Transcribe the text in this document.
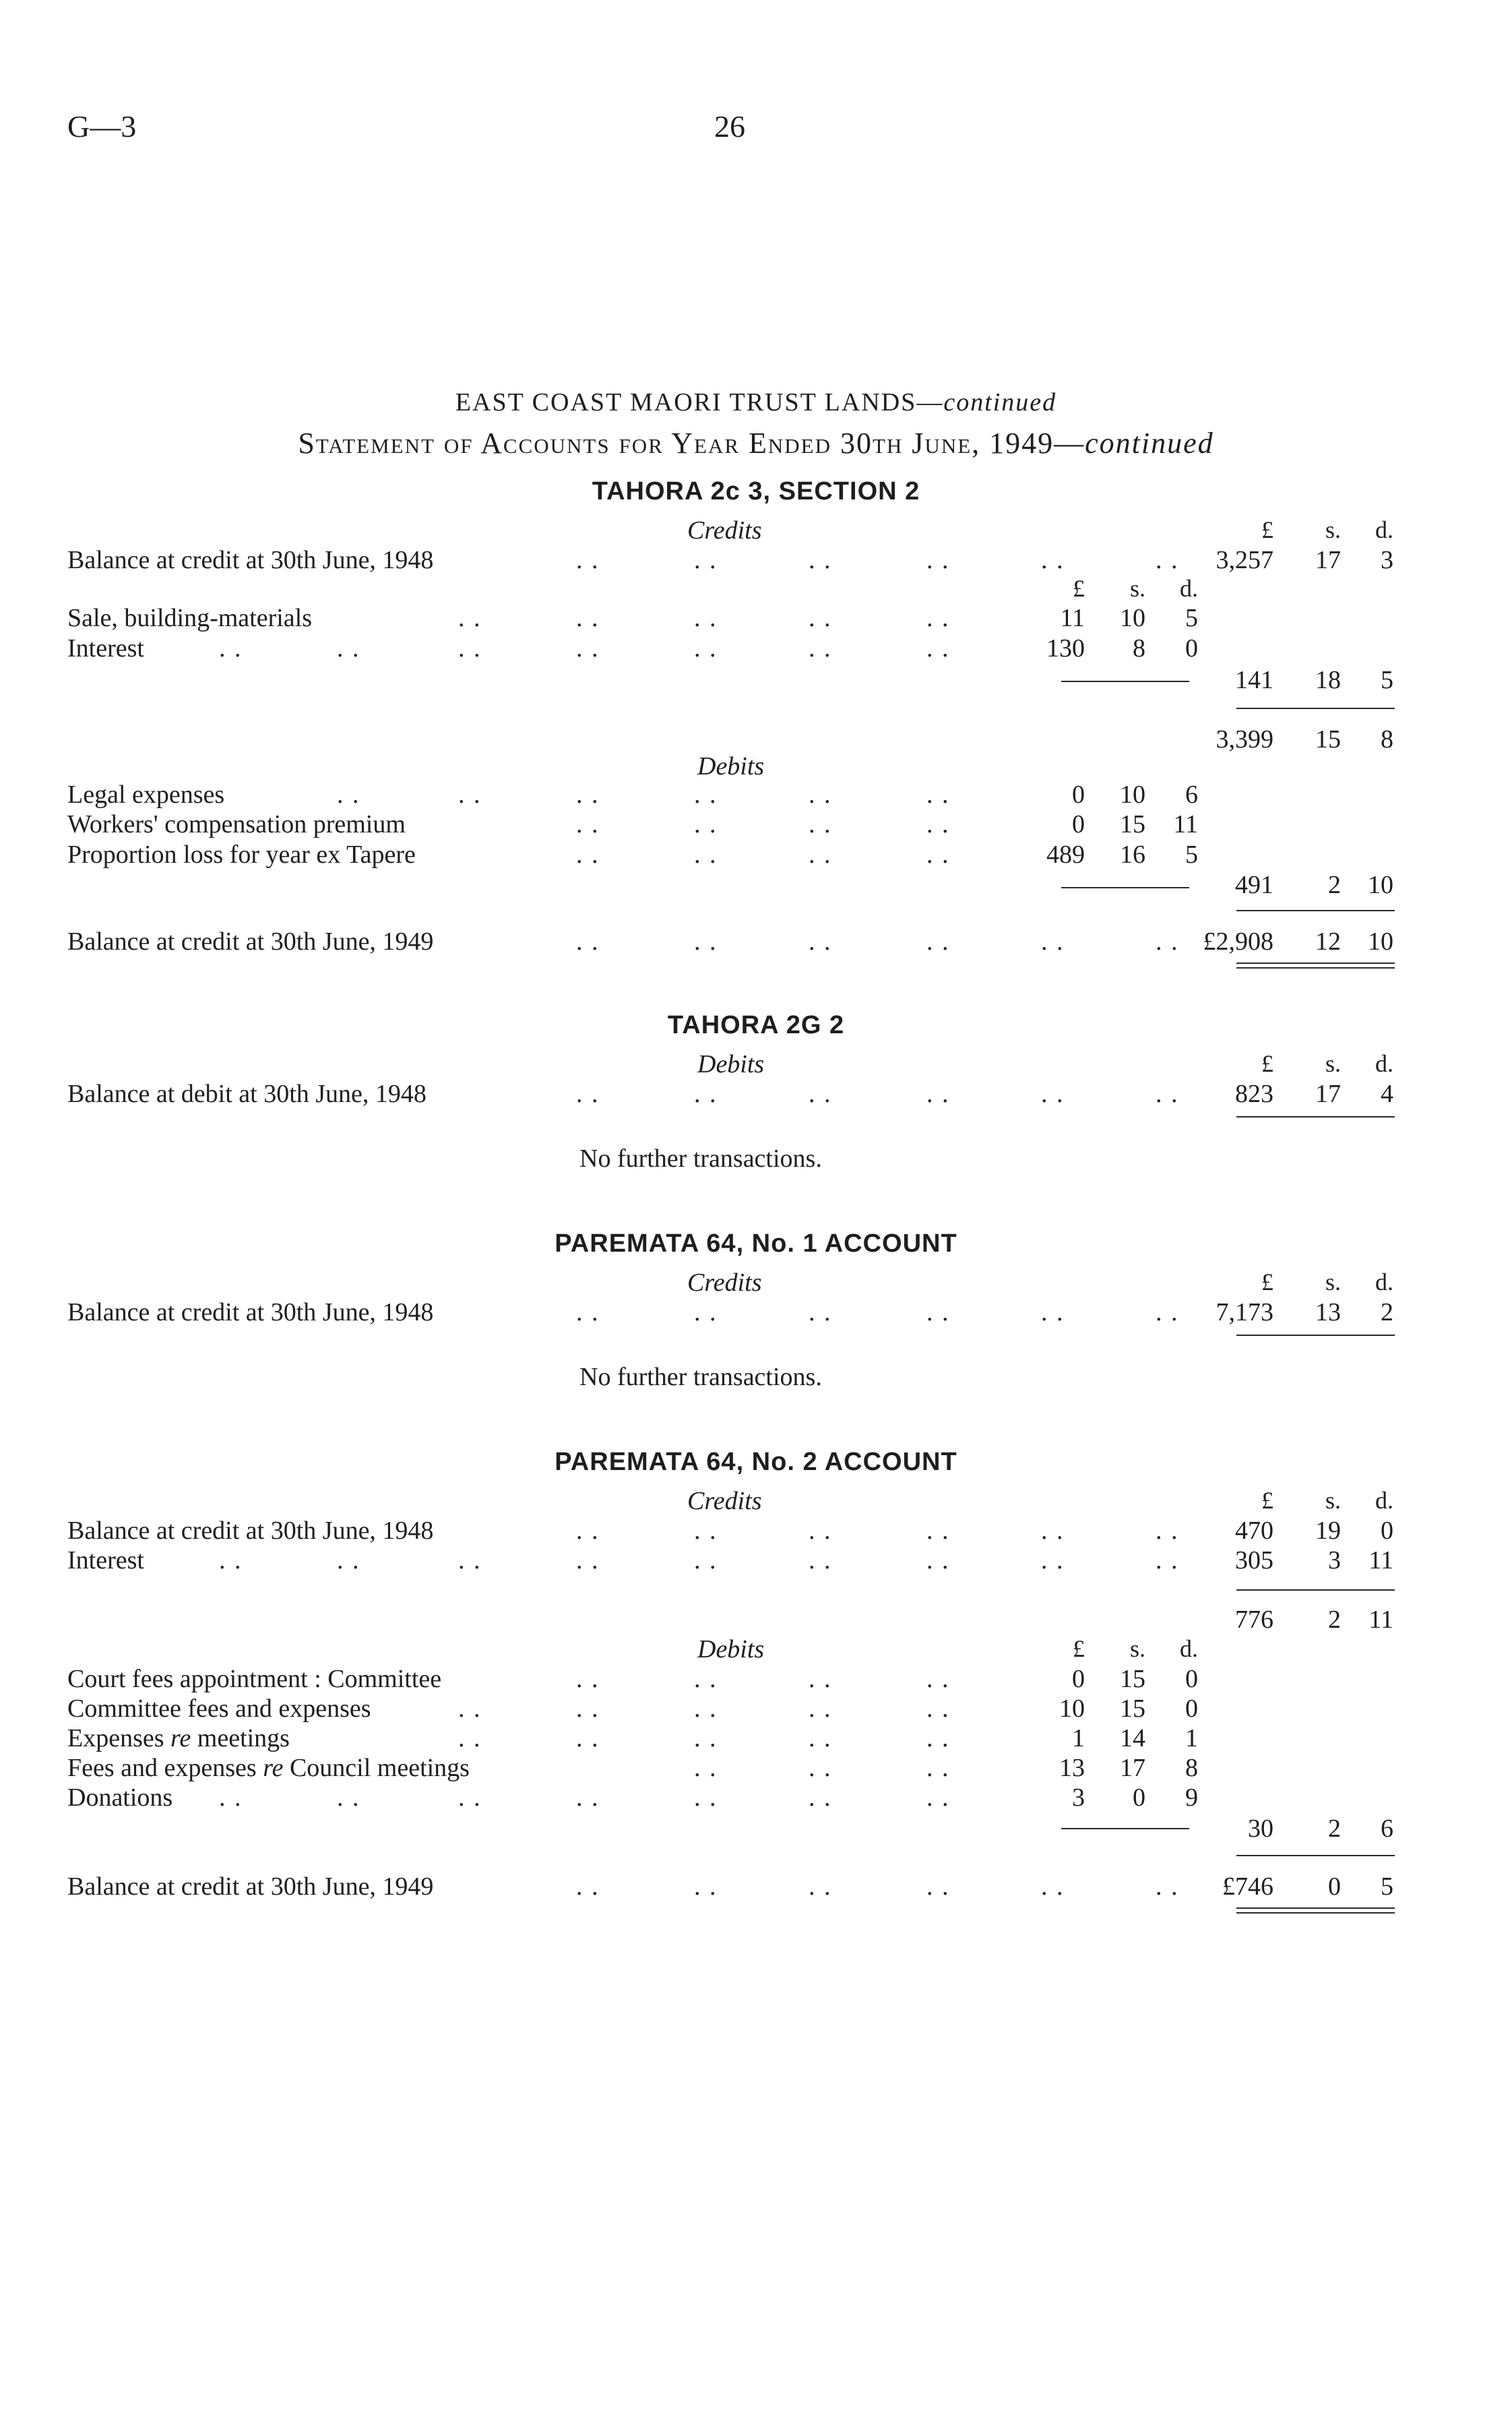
G—3	26
EAST COAST MAORI TRUST LANDS—continued
Statement of Accounts for Year Ended 30th June, 1949—continued
TAHORA 2c 3, SECTION 2
Credits	£	s.	d.
Balance at credit at 30th June, 1948	. .	. .	. .	. .	. .	. .	3,257	17	3
£	s.	d.
Sale, building-materials	. .	. .	. .	. .	. .	11	10	5
Interest	. .	. .	. .	. .	. .	. .	. .	130	8	0
141	18	5
3,399	15	8
Debits
Legal expenses	. .	. .	. .	. .	. .	. .	0	10	6
Workers' compensation premium	. .	. .	. .	. .	0	15	11
Proportion loss for year ex Tapere	. .	. .	. .	. .	489	16	5
491	2	10
Balance at credit at 30th June, 1949	. .	. .	. .	. .	. .	. . £2,908	12	10
TAHORA 2G 2
Debits	£	s.	d.
Balance at debit at 30th June, 1948	. .	. .	. .	. .	. .	. .	823	17	4
No further transactions.
PAREMATA 64, No. 1 ACCOUNT
Credits	£	s.	d.
Balance at credit at 30th June, 1948	. .	. .	. .	. .	. .	. .	7,173	13	2
No further transactions.
PAREMATA 64, No. 2 ACCOUNT
Credits	£	s.	d.
Balance at credit at 30th June, 1948	. .	. .	. .	. .	. .	. .	470	19	0
Interest	. .	. .	. .	. .	. .	. .	. .	. .	. .	305	3	11
776	2	11
Debits	£	s.	d.
Court fees appointment : Committee	. .	. .	. .	. .	0	15	0
Committee fees and expenses	. .	. .	. .	. .	. .	10	15	0
Expenses re meetings	. .	. .	. .	. .	. .	1	14	1
Fees and expenses re Council meetings	. .	. .	. .	13	17	8
Donations . .	. .	. .	. .	. .	. .	. .	3	0	9
30	2	6
Balance at credit at 30th June, 1949	. .	. .	. .	. .	. .	. .	£746	0	5
